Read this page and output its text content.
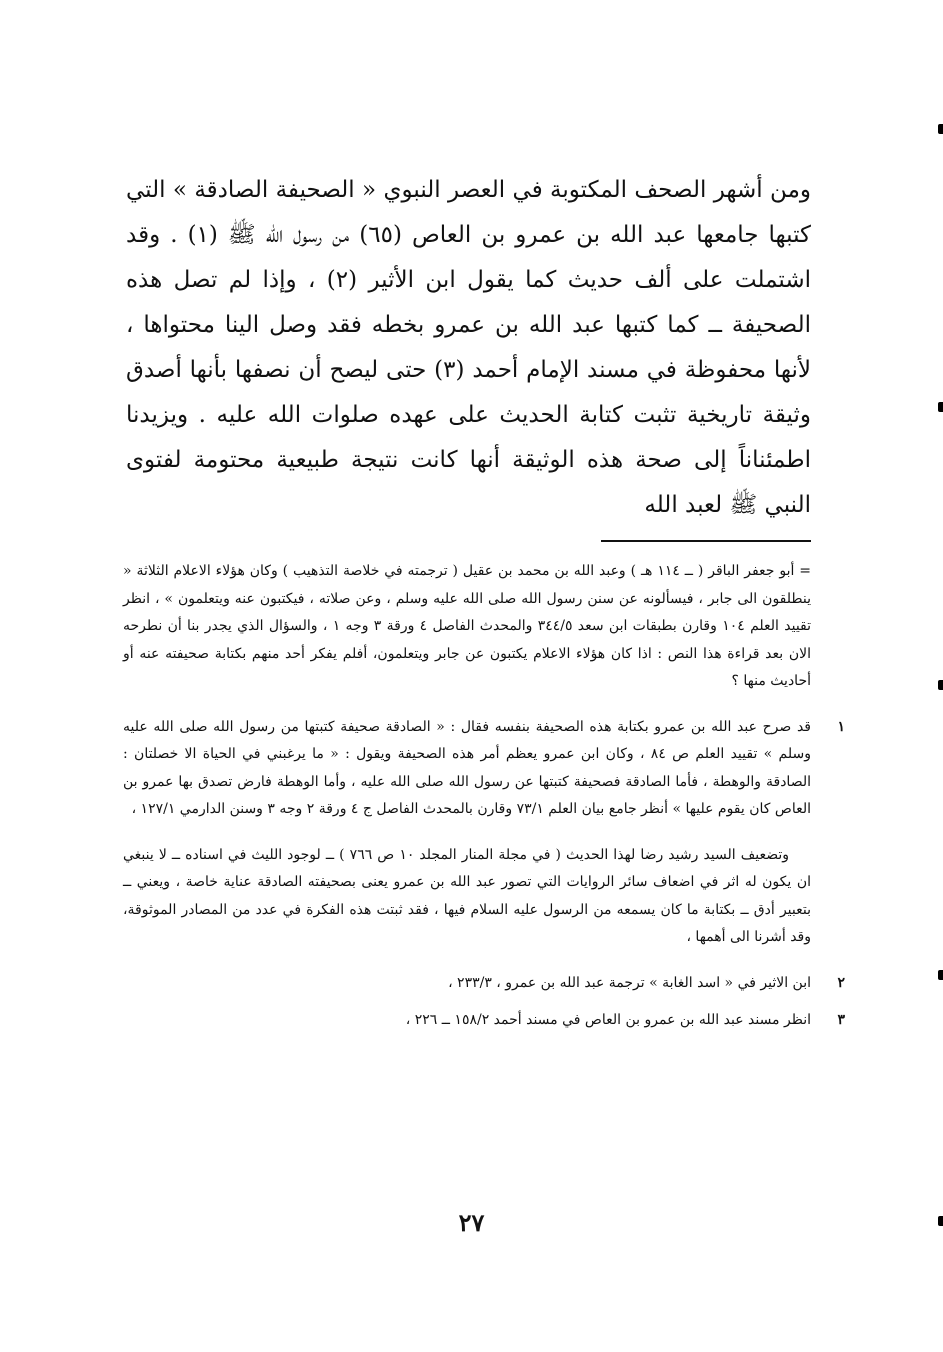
ومن أشهر الصحف المكتوبة في العصر النبوي « الصحيفة الصادقة » التي كتبها جامعها عبد الله بن عمرو بن العاص (٦٥) من رسول الله ﷺ (١) . وقد اشتملت على ألف حديث كما يقول ابن الأثير (٢) ، وإذا لم تصل هذه الصحيفة ــ كما كتبها عبد الله بن عمرو بخطه فقد وصل الينا محتواها ، لأنها محفوظة في مسند الإمام أحمد (٣) حتى ليصح أن نصفها بأنها أصدق وثيقة تاريخية تثبت كتابة الحديث على عهده صلوات الله عليه . ويزيدنا اطمئناناً إلى صحة هذه الوثيقة أنها كانت نتيجة طبيعية محتومة لفتوى النبي ﷺ لعبد الله

= أبو جعفر الباقر ( ــ ١١٤ هـ ) وعبد الله بن محمد بن عقيل ( ترجمته في خلاصة التذهيب ) وكان هؤلاء الاعلام الثلاثة « ينطلقون الى جابر ، فيسألونه عن سنن رسول الله صلى الله عليه وسلم ، وعن صلاته ، فيكتبون عنه ويتعلمون » ، انظر تقييد العلم ١٠٤ وقارن بطبقات ابن سعد ٣٤٤/٥ والمحدث الفاصل ٤ ورقة ٣ وجه ١ ، والسؤال الذي يجدر بنا أن نطرحه الان بعد قراءة هذا النص : اذا كان هؤلاء الاعلام يكتبون عن جابر ويتعلمون، أفلم يفكر أحد منهم بكتابة صحيفته عنه أو أحاديث منها ؟

١
قد صرح عبد الله بن عمرو بكتابة هذه الصحيفة بنفسه فقال : « الصادقة صحيفة كتبتها من رسول الله صلى الله عليه وسلم » تقييد العلم ص ٨٤ ، وكان ابن عمرو يعظم أمر هذه الصحيفة ويقول : « ما يرغبني في الحياة الا خصلتان : الصادقة والوهطة ، فأما الصادقة فصحيفة كتبتها عن رسول الله صلى الله عليه ، وأما الوهطة فارض تصدق بها عمرو بن العاص كان يقوم عليها » أنظر جامع بيان العلم ٧٣/١ وقارن بالمحدث الفاصل ج ٤ ورقة ٢ وجه ٣ وسنن الدارمي ١٢٧/١ ،

وتضعيف السيد رشيد رضا لهذا الحديث ( في مجلة المنار المجلد ١٠ ص ٧٦٦ ) ــ لوجود الليث في اسناده ــ لا ينبغي ان يكون له اثر في اضعاف سائر الروايات التي تصور عبد الله بن عمرو يعنى بصحيفته الصادقة عناية خاصة ، ويعني ــ بتعبير أدق ــ بكتابة ما كان يسمعه من الرسول عليه السلام فيها ، فقد ثبتت هذه الفكرة في عدد من المصادر الموثوقة، وقد أشرنا الى أهمها ،

٢
ابن الاثير في « اسد الغابة » ترجمة عبد الله بن عمرو ، ٢٣٣/٣ ،
٣
انظر مسند عبد الله بن عمرو بن العاص في مسند أحمد ١٥٨/٢ ــ ٢٢٦ ،
٢٧
